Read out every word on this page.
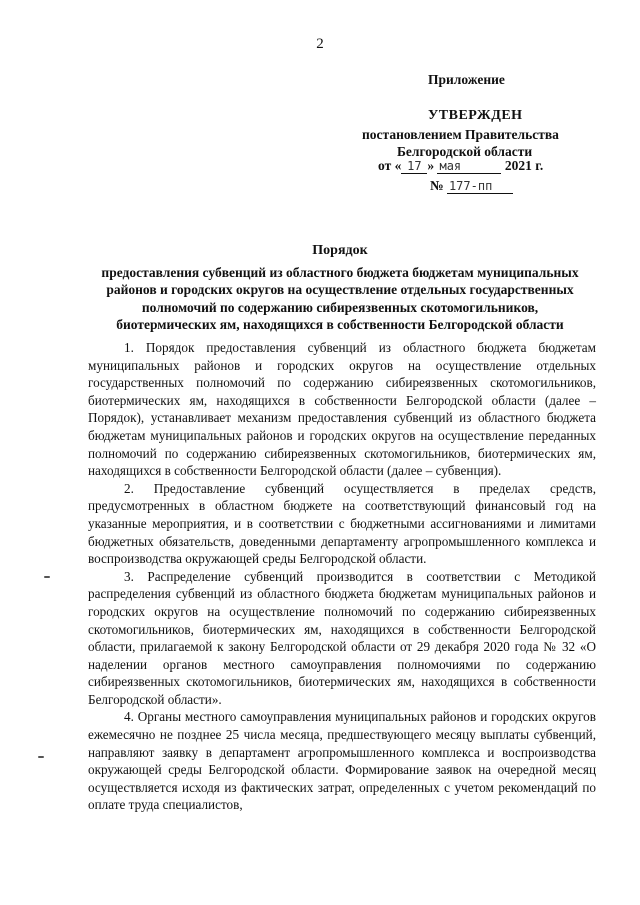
2
Приложение
УТВЕРЖДЕН
постановлением Правительства
Белгородской области
от « 17 » мая	2021 г.
№ 177-пп
Порядок
предоставления субвенций из областного бюджета бюджетам муниципальных
районов и городских округов на осуществление отдельных государственных
полномочий по содержанию сибиреязвенных скотомогильников,
биотермических ям, находящихся в собственности Белгородской области

1. Порядок предоставления субвенций из областного бюджета бюджетам муниципальных районов и городских округов на осуществление отдельных государственных полномочий по содержанию сибиреязвенных скотомогильников, биотермических ям, находящихся в собственности Белгородской области (далее – Порядок), устанавливает механизм предоставления субвенций из областного бюджета бюджетам муниципальных районов и городских округов на осуществление переданных полномочий по содержанию сибиреязвенных скотомогильников, биотермических ям, находящихся в собственности Белгородской области (далее – субвенция).

2. Предоставление субвенций осуществляется в пределах средств, предусмотренных в областном бюджете на соответствующий финансовый год на указанные мероприятия, и в соответствии с бюджетными ассигнованиями и лимитами бюджетных обязательств, доведенными департаменту агропромышленного комплекса и воспроизводства окружающей среды Белгородской области.

3. Распределение субвенций производится в соответствии с Методикой распределения субвенций из областного бюджета бюджетам муниципальных районов и городских округов на осуществление полномочий по содержанию сибиреязвенных скотомогильников, биотермических ям, находящихся в собственности Белгородской области, прилагаемой к закону Белгородской области от 29 декабря 2020 года № 32 «О наделении органов местного самоуправления полномочиями по содержанию сибиреязвенных скотомогильников, биотермических ям, находящихся в собственности Белгородской области».

4. Органы местного самоуправления муниципальных районов и городских округов ежемесячно не позднее 25 числа месяца, предшествующего месяцу выплаты субвенций, направляют заявку в департамент агропромышленного комплекса и воспроизводства окружающей среды Белгородской области. Формирование заявок на очередной месяц осуществляется исходя из фактических затрат, определенных с учетом рекомендаций по оплате труда специалистов,
